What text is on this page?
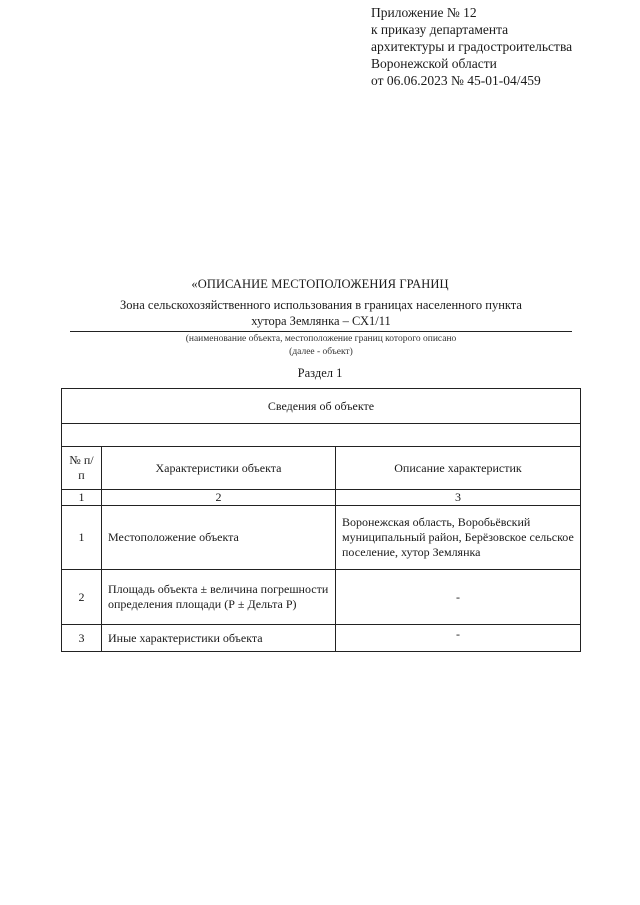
Приложение № 12
к приказу департамента
архитектуры и градостроительства
Воронежской области
от 06.06.2023 № 45-01-04/459
«ОПИСАНИЕ МЕСТОПОЛОЖЕНИЯ ГРАНИЦ
Зона сельскохозяйственного использования в границах населенного пункта
хутора Землянка – СХ1/11
(наименование объекта, местоположение границ которого описано
(далее - объект)
Раздел 1
Сведения об объекте		

№ п/п	Характеристики объекта	Описание характеристик
1	2	3
1	Местоположение объекта	Воронежская область, Воробьёвский муниципальный район, Берёзовское сельское поселение, хутор Землянка
2	Площадь объекта ± величина погрешности определения площади (Р ± Дельта Р)	-
3	Иные характеристики объекта	-
